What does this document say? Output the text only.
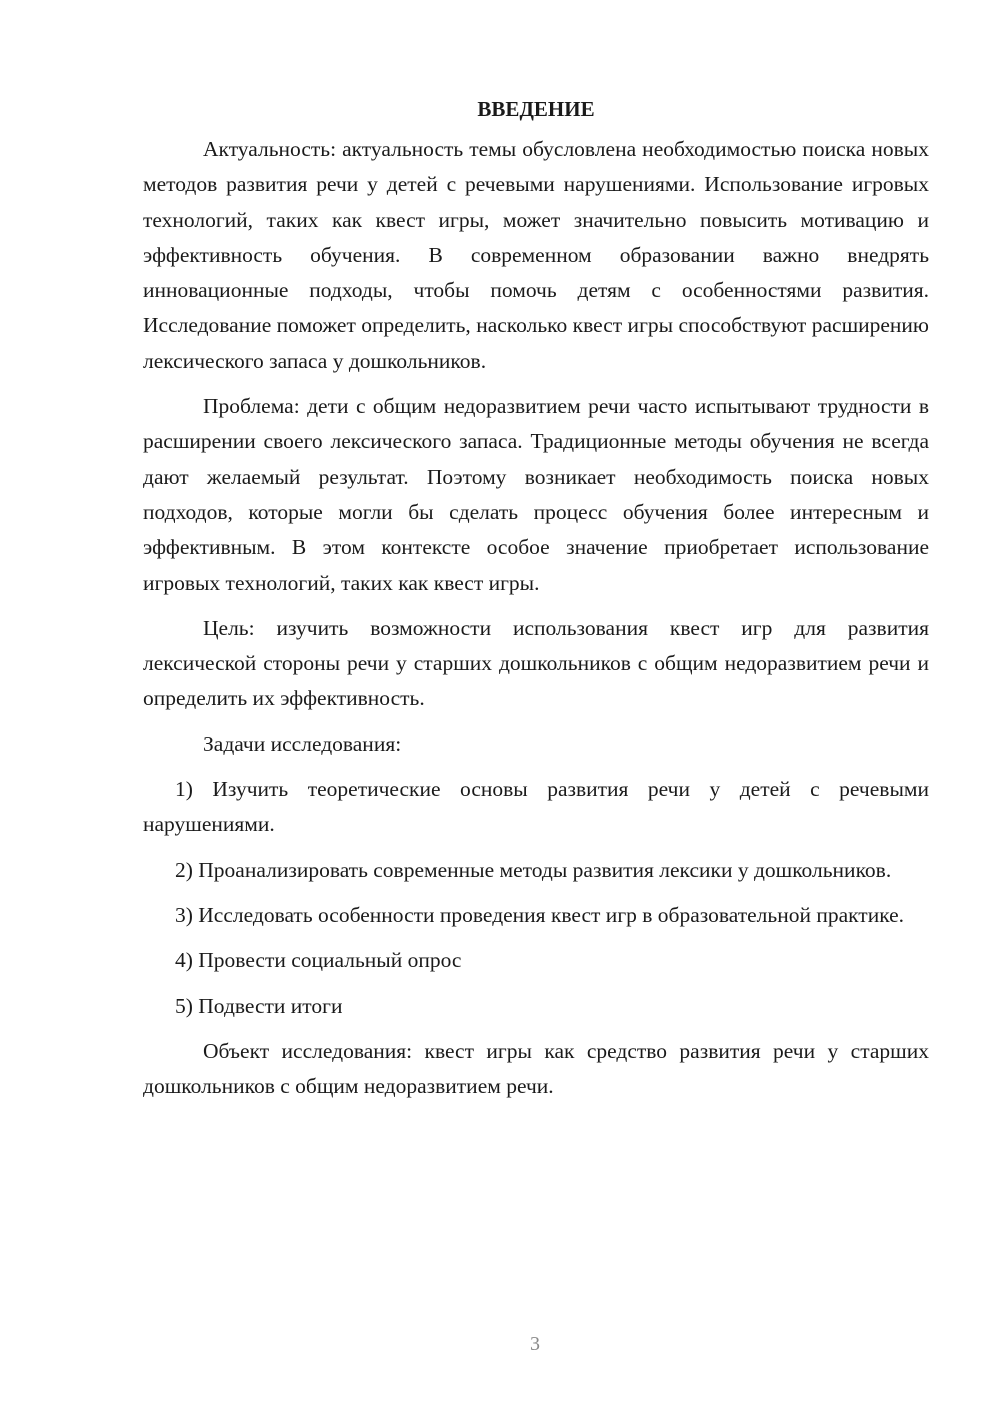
ВВЕДЕНИЕ

Актуальность: актуальность темы обусловлена необходимостью поиска новых методов развития речи у детей с речевыми нарушениями. Использование игровых технологий, таких как квест игры, может значительно повысить мотивацию и эффективность обучения. В современном образовании важно внедрять инновационные подходы, чтобы помочь детям с особенностями развития. Исследование поможет определить, насколько квест игры способствуют расширению лексического запаса у дошкольников.

Проблема: дети с общим недоразвитием речи часто испытывают трудности в расширении своего лексического запаса. Традиционные методы обучения не всегда дают желаемый результат. Поэтому возникает необходимость поиска новых подходов, которые могли бы сделать процесс обучения более интересным и эффективным. В этом контексте особое значение приобретает использование игровых технологий, таких как квест игры.

Цель: изучить возможности использования квест игр для развития лексической стороны речи у старших дошкольников с общим недоразвитием речи и определить их эффективность.

Задачи исследования:

1) Изучить теоретические основы развития речи у детей с речевыми нарушениями.

2) Проанализировать современные методы развития лексики у дошкольников.

3) Исследовать особенности проведения квест игр в образовательной практике.

4) Провести социальный опрос

5) Подвести итоги

Объект исследования: квест игры как средство развития речи у старших дошкольников с общим недоразвитием речи.

3
